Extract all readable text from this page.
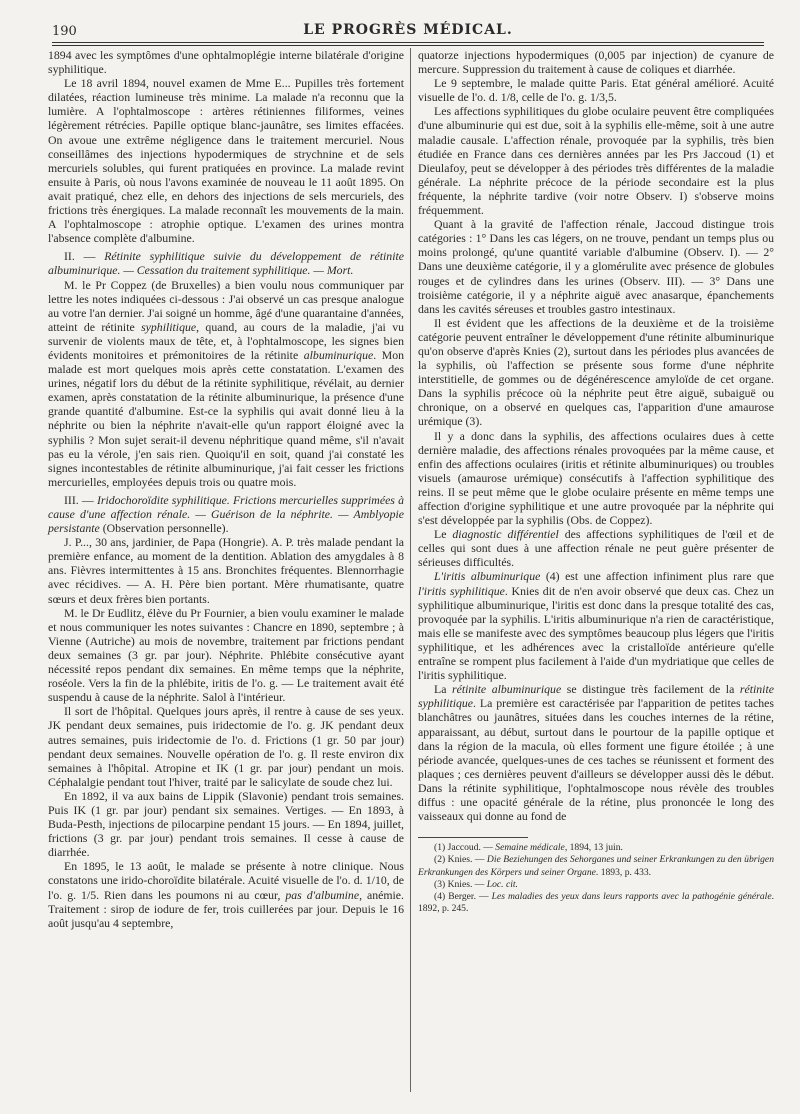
190	LE PROGRÈS MÉDICAL.

1894 avec les symptômes d'une ophtalmoplégie interne bilatérale d'origine syphilitique.

Le 18 avril 1894, nouvel examen de Mme E... Pupilles très fortement dilatées, réaction lumineuse très minime. La malade n'a reconnu que la lumière. A l'ophtalmoscope : artères rétiniennes filiformes, veines légèrement rétrécies. Papille optique blanc-jaunâtre, ses limites effacées. On avoue une extrême négligence dans le traitement mercuriel. Nous conseillâmes des injections hypodermiques de strychnine et de sels mercuriels solubles, qui furent pratiquées en province. La malade revint ensuite à Paris, où nous l'avons examinée de nouveau le 11 août 1895. On avait pratiqué, chez elle, en dehors des injections de sels mercuriels, des frictions très énergiques. La malade reconnaît les mouvements de la main. A l'ophtalmoscope : atrophie optique. L'examen des urines montra l'absence complète d'albumine.

II. — Rétinite syphilitique suivie du développement de rétinite albuminurique. — Cessation du traitement syphilitique. — Mort.

M. le Pr Coppez (de Bruxelles) a bien voulu nous communiquer par lettre les notes indiquées ci-dessous : J'ai observé un cas presque analogue au votre l'an dernier. J'ai soigné un homme, âgé d'une quarantaine d'années, atteint de rétinite syphilitique, quand, au cours de la maladie, j'ai vu survenir de violents maux de tête, et, à l'ophtalmoscope, les signes bien évidents monitoires et prémonitoires de la rétinite albuminurique. Mon malade est mort quelques mois après cette constatation. L'examen des urines, négatif lors du début de la rétinite syphilitique, révélait, au dernier examen, après constatation de la rétinite albuminurique, la présence d'une grande quantité d'albumine. Est-ce la syphilis qui avait donné lieu à la néphrite ou bien la néphrite n'avait-elle qu'un rapport éloigné avec la syphilis ? Mon sujet serait-il devenu néphritique quand même, s'il n'avait pas eu la vérole, j'en sais rien. Quoiqu'il en soit, quand j'ai constaté les signes incontestables de rétinite albuminurique, j'ai fait cesser les frictions mercurielles, employées depuis trois ou quatre mois.

III. — Iridochoroïdite syphilitique. Frictions mercurielles supprimées à cause d'une affection rénale. — Guérison de la néphrite. — Amblyopie persistante (Observation personnelle).

J. P..., 30 ans, jardinier, de Papa (Hongrie). A. P. très malade pendant la première enfance, au moment de la dentition. Ablation des amygdales à 8 ans. Fièvres intermittentes à 15 ans. Bronchites fréquentes. Blennorrhagie avec récidives. — A. H. Père bien portant. Mère rhumatisante, quatre sœurs et deux frères bien portants.

M. le Dr Eudlitz, élève du Pr Fournier, a bien voulu examiner le malade et nous communiquer les notes suivantes : Chancre en 1890, septembre ; à Vienne (Autriche) au mois de novembre, traitement par frictions pendant deux semaines (3 gr. par jour). Néphrite. Phlébite consécutive ayant nécessité repos pendant dix semaines. En même temps que la néphrite, roséole. Vers la fin de la phlébite, iritis de l'o. g. — Le traitement avait été suspendu à cause de la néphrite. Salol à l'intérieur.

Il sort de l'hôpital. Quelques jours après, il rentre à cause de ses yeux. JK pendant deux semaines, puis iridectomie de l'o. g. JK pendant deux autres semaines, puis iridectomie de l'o. d. Frictions (1 gr. 50 par jour) pendant deux semaines. Nouvelle opération de l'o. g. Il reste environ dix semaines à l'hôpital. Atropine et IK (1 gr. par jour) pendant un mois. Céphalalgie pendant tout l'hiver, traité par le salicylate de soude chez lui.

En 1892, il va aux bains de Lippik (Slavonie) pendant trois semaines. Puis IK (1 gr. par jour) pendant six semaines. Vertiges. — En 1893, à Buda-Pesth, injections de pilocarpine pendant 15 jours. — En 1894, juillet, frictions (3 gr. par jour) pendant trois semaines. Il cesse à cause de diarrhée.

En 1895, le 13 août, le malade se présente à notre clinique. Nous constatons une irido-choroïdite bilatérale. Acuité visuelle de l'o. d. 1/10, de l'o. g. 1/5. Rien dans les poumons ni au cœur, pas d'albumine, anémie. Traitement : sirop de iodure de fer, trois cuillerées par jour. Depuis le 16 août jusqu'au 4 septembre,

quatorze injections hypodermiques (0,005 par injection) de cyanure de mercure. Suppression du traitement à cause de coliques et diarrhée.

Le 9 septembre, le malade quitte Paris. Etat général amélioré. Acuité visuelle de l'o. d. 1/8, celle de l'o. g. 1/3,5.

Les affections syphilitiques du globe oculaire peuvent être compliquées d'une albuminurie qui est due, soit à la syphilis elle-même, soit à une autre maladie causale. L'affection rénale, provoquée par la syphilis, très bien étudiée en France dans ces dernières années par les Prs Jaccoud (1) et Dieulafoy, peut se développer à des périodes très différentes de la maladie générale. La néphrite précoce de la période secondaire est la plus fréquente, la néphrite tardive (voir notre Observ. I) s'observe moins fréquemment.

Quant à la gravité de l'affection rénale, Jaccoud distingue trois catégories : 1° Dans les cas légers, on ne trouve, pendant un temps plus ou moins prolongé, qu'une quantité variable d'albumine (Observ. I). — 2° Dans une deuxième catégorie, il y a glomérulite avec présence de globules rouges et de cylindres dans les urines (Observ. III). — 3° Dans une troisième catégorie, il y a néphrite aiguë avec anasarque, épanchements dans les cavités séreuses et troubles gastro intestinaux.

Il est évident que les affections de la deuxième et de la troisième catégorie peuvent entraîner le développement d'une rétinite albuminurique qu'on observe d'après Knies (2), surtout dans les périodes plus avancées de la syphilis, où l'affection se présente sous forme d'une néphrite interstitielle, de gommes ou de dégénérescence amyloïde de cet organe. Dans la syphilis précoce où la néphrite peut être aiguë, subaiguë ou chronique, on a observé en quelques cas, l'apparition d'une amaurose urémique (3).

Il y a donc dans la syphilis, des affections oculaires dues à cette dernière maladie, des affections rénales provoquées par la même cause, et enfin des affections oculaires (iritis et rétinite albuminuriques) ou troubles visuels (amaurose urémique) consécutifs à l'affection syphilitique des reins. Il se peut même que le globe oculaire présente en même temps une affection d'origine syphilitique et une autre provoquée par la néphrite qui s'est développée par la syphilis (Obs. de Coppez).

Le diagnostic différentiel des affections syphilitiques de l'œil et de celles qui sont dues à une affection rénale ne peut guère présenter de sérieuses difficultés.

L'iritis albuminurique (4) est une affection infiniment plus rare que l'iritis syphilitique. Knies dit de n'en avoir observé que deux cas. Chez un syphilitique albuminurique, l'iritis est donc dans la presque totalité des cas, provoquée par la syphilis. L'iritis albuminurique n'a rien de caractéristique, mais elle se manifeste avec des symptômes beaucoup plus légers que l'iritis syphilitique, et les adhérences avec la cristalloïde antérieure qu'elle entraîne se rompent plus facilement à l'aide d'un mydriatique que celles de l'iritis syphilitique.

La rétinite albuminurique se distingue très facilement de la rétinite syphilitique. La première est caractérisée par l'apparition de petites taches blanchâtres ou jaunâtres, situées dans les couches internes de la rétine, apparaissant, au début, surtout dans le pourtour de la papille optique et dans la région de la macula, où elles forment une figure étoilée ; à une période avancée, quelques-unes de ces taches se réunissent et forment des plaques ; ces dernières peuvent d'ailleurs se développer aussi dès le début. Dans la rétinite syphilitique, l'ophtalmoscope nous révèle des troubles diffus : une opacité générale de la rétine, plus prononcée le long des vaisseaux qui donne au fond de

(1) Jaccoud. — Semaine médicale, 1894, 13 juin.

(2) Knies. — Die Beziehungen des Sehorganes und seiner Erkrankungen zu den übrigen Erkrankungen des Körpers und seiner Organe. 1893, p. 433.

(3) Knies. — Loc. cit.

(4) Berger. — Les maladies des yeux dans leurs rapports avec la pathogénie générale. 1892, p. 245.
